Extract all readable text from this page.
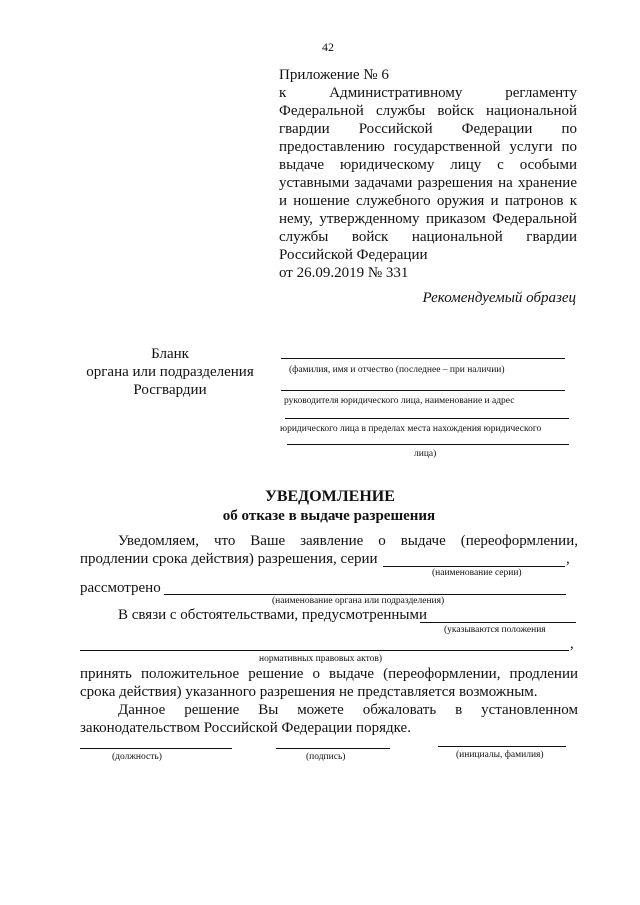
42
Приложение № 6
к Административному регламенту
Федеральной службы войск национальной
гвардии Российской Федерации по
предоставлению государственной услуги по
выдаче юридическому лицу с особыми
уставными задачами разрешения на хранение
и ношение служебного оружия и патронов к
нему, утвержденному приказом Федеральной
службы войск национальной гвардии
Российской Федерации
от 26.09.2019 № 331
Рекомендуемый образец
Бланк
органа или подразделения
Росгвардии
(фамилия, имя и отчество (последнее – при наличии)
руководителя юридического лица, наименование и адрес
юридического лица в пределах места нахождения юридического
лица)
УВЕДОМЛЕНИЕ
об отказе в выдаче разрешения
Уведомляем, что Ваше заявление о выдаче (переоформлении,
продлении срока действия) разрешения, серии	,
(наименование серии)
рассмотрено
(наименование органа или подразделения)
В связи с обстоятельствами, предусмотренными
(указываются положения
,
нормативных правовых актов)
принять положительное решение о выдаче (переоформлении, продлении
срока действия) указанного разрешения не представляется возможным.
Данное решение Вы можете обжаловать в установленном
законодательством Российской Федерации порядке.
(должность)	(подпись)	(инициалы, фамилия)
